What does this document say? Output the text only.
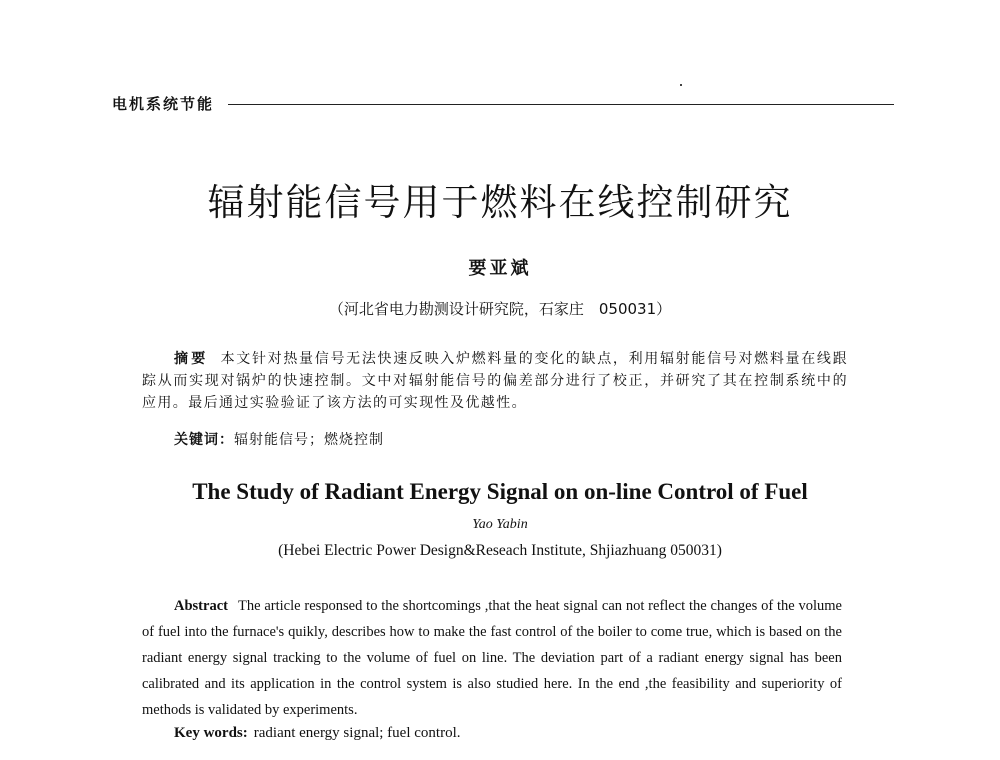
电机系统节能
辐射能信号用于燃料在线控制研究
要亚斌
（河北省电力勘测设计研究院，石家庄　050031）
摘要 本文针对热量信号无法快速反映入炉燃料量的变化的缺点，利用辐射能信号对燃料量在线跟踪从而实现对锅炉的快速控制。文中对辐射能信号的偏差部分进行了校正，并研究了其在控制系统中的应用。最后通过实验验证了该方法的可实现性及优越性。
关键词：辐射能信号；燃烧控制
The Study of Radiant Energy Signal on on-line Control of Fuel
Yao Yabin
(Hebei Electric Power Design&Reseach Institute, Shjiazhuang 050031)
Abstract The article responsed to the shortcomings ,that the heat signal can not reflect the changes of the volume of fuel into the furnace's quikly, describes how to make the fast control of the boiler to come true, which is based on the radiant energy signal tracking to the volume of fuel on line. The deviation part of a radiant energy signal has been calibrated and its application in the control system is also studied here. In the end ,the feasibility and superiority of methods is validated by experiments.
Key words: radiant energy signal; fuel control.
